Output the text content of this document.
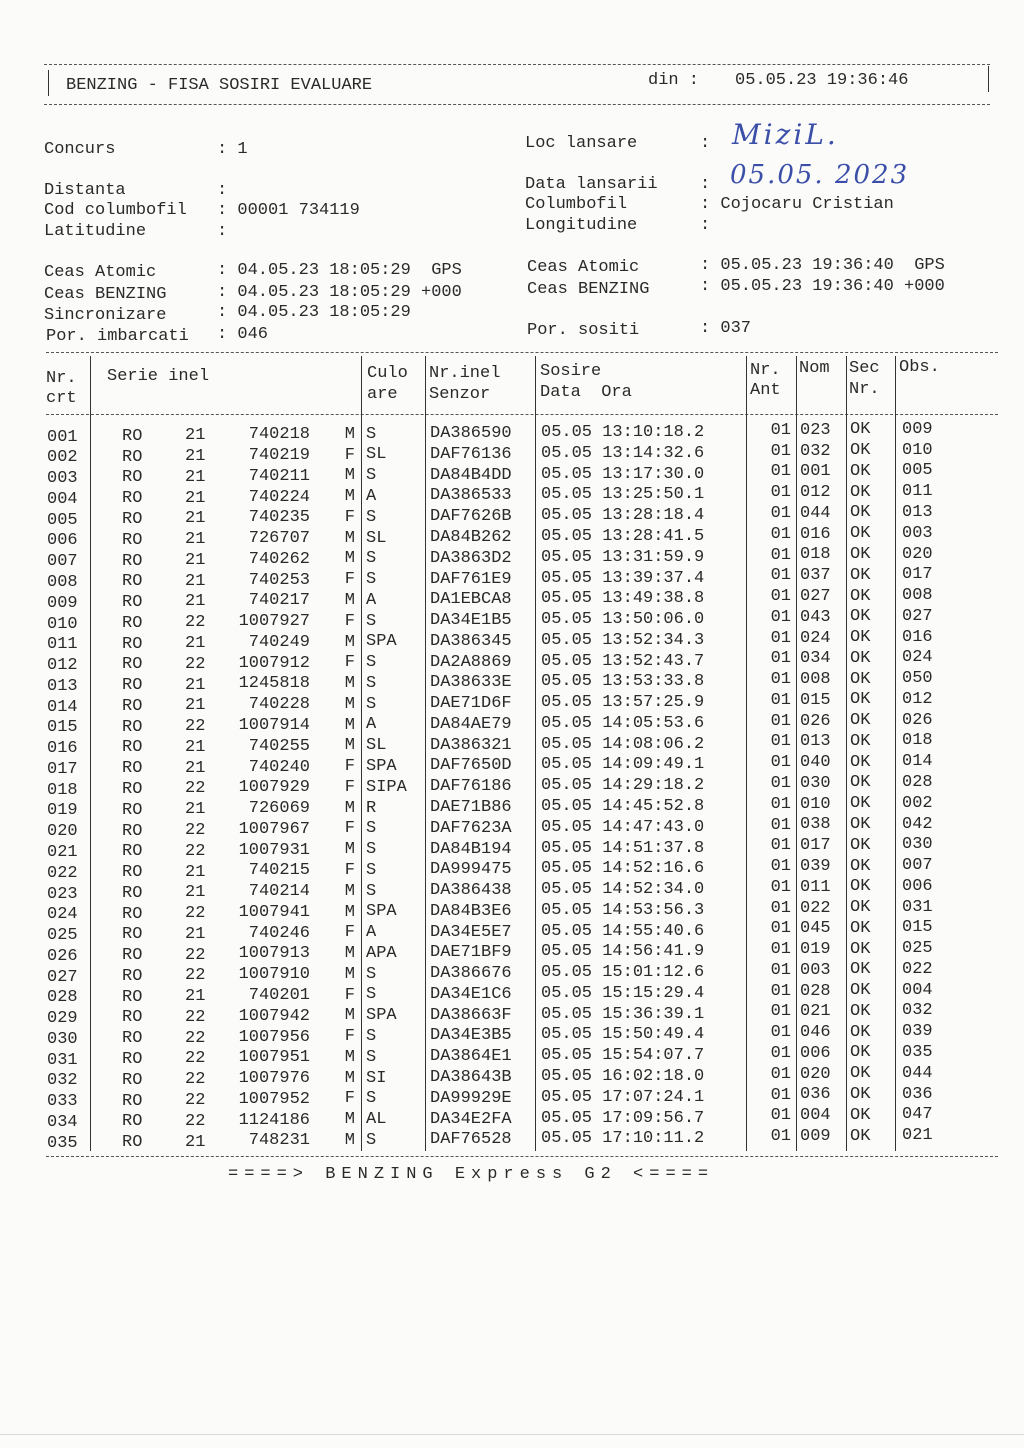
BENZING - FISA SOSIRI EVALUARE	din : 05.05.23 19:36:46
Concurs	: 1
Distanta	:
Cod columbofil : 00001 734119
Latitudine	:
Loc lansare	:
Data lansarii :
Columbofil	: Cojocaru Cristian
Longitudine	:
MiziL.
05.05. 2023
Ceas Atomic	: 04.05.23 18:05:29  GPS
Ceas BENZING	: 04.05.23 18:05:29 +000
Sincronizare	: 04.05.23 18:05:29
Por. imbarcati : 046
Ceas Atomic	: 05.05.23 19:36:40  GPS
Ceas BENZING	: 05.05.23 19:36:40 +000
Por. sositi	: 037
Nr.
crt
Serie inel	Culo
are
Nr.inel
Senzor
Sosire
Data  Ora
Nr.
Ant
Nom Sec
Nr.
Obs.
001	RO	21	740218 M S	DA386590 05.05 13:10:18.2	01 023 OK 009
002	RO	21	740219 F SL	DAF76136 05.05 13:14:32.6	01 032 OK 010
003	RO	21	740211 M S	DA84B4DD 05.05 13:17:30.0	01 001 OK 005
004	RO	21	740224 M A	DA386533 05.05 13:25:50.1	01 012 OK 011
005	RO	21	740235 F S	DAF7626B 05.05 13:28:18.4	01 044 OK 013
006	RO	21	726707 M SL	DA84B262 05.05 13:28:41.5	01 016 OK 003
007	RO	21	740262 M S	DA3863D2 05.05 13:31:59.9	01 018 OK 020
008	RO	21	740253 F S	DAF761E9 05.05 13:39:37.4	01 037 OK 017
009	RO	21	740217 M A	DA1EBCA8 05.05 13:49:38.8	01 027 OK 008
010	RO	22 1007927 F S	DA34E1B5 05.05 13:50:06.0	01 043 OK 027
011	RO	21	740249 M SPA DA386345 05.05 13:52:34.3	01 024 OK 016
012	RO	22 1007912 F S	DA2A8869 05.05 13:52:43.7	01 034 OK 024
013	RO	21 1245818 M S	DA38633E 05.05 13:53:33.8	01 008 OK 050
014	RO	21	740228 M S	DAE71D6F 05.05 13:57:25.9	01 015 OK 012
015	RO	22 1007914 M A	DA84AE79 05.05 14:05:53.6	01 026 OK 026
016	RO	21	740255 M SL	DA386321 05.05 14:08:06.2	01 013 OK 018
017	RO	21	740240 F SPA DAF7650D 05.05 14:09:49.1	01 040 OK 014
018	RO	22 1007929 F SIPA DAF76186 05.05 14:29:18.2	01 030 OK 028
019	RO	21	726069 M R	DAE71B86 05.05 14:45:52.8	01 010 OK 002
020	RO	22 1007967 F S	DAF7623A 05.05 14:47:43.0	01 038 OK 042
021	RO	22 1007931 M S	DA84B194 05.05 14:51:37.8	01 017 OK 030
022	RO	21	740215 F S	DA999475 05.05 14:52:16.6	01 039 OK 007
023	RO	21	740214 M S	DA386438 05.05 14:52:34.0	01 011 OK 006
024	RO	22 1007941 M SPA DA84B3E6 05.05 14:53:56.3	01 022 OK 031
025	RO	21	740246 F A	DA34E5E7 05.05 14:55:40.6	01 045 OK 015
026	RO	22 1007913 M APA DAE71BF9 05.05 14:56:41.9	01 019 OK 025
027	RO	22 1007910 M S	DA386676 05.05 15:01:12.6	01 003 OK 022
028	RO	21	740201 F S	DA34E1C6 05.05 15:15:29.4	01 028 OK 004
029	RO	22 1007942 M SPA DA38663F 05.05 15:36:39.1	01 021 OK 032
030	RO	22 1007956 F S	DA34E3B5 05.05 15:50:49.4	01 046 OK 039
031	RO	22 1007951 M S	DA3864E1 05.05 15:54:07.7	01 006 OK 035
032	RO	22 1007976 M SI	DA38643B 05.05 16:02:18.0	01 020 OK 044
033	RO	22 1007952 F S	DA99929E 05.05 17:07:24.1	01 036 OK 036
034	RO	22 1124186 M AL	DA34E2FA 05.05 17:09:56.7	01 004 OK 047
035	RO	21	748231 M S	DAF76528 05.05 17:10:11.2	01 009 OK 021
====> BENZING Express G2 <====
